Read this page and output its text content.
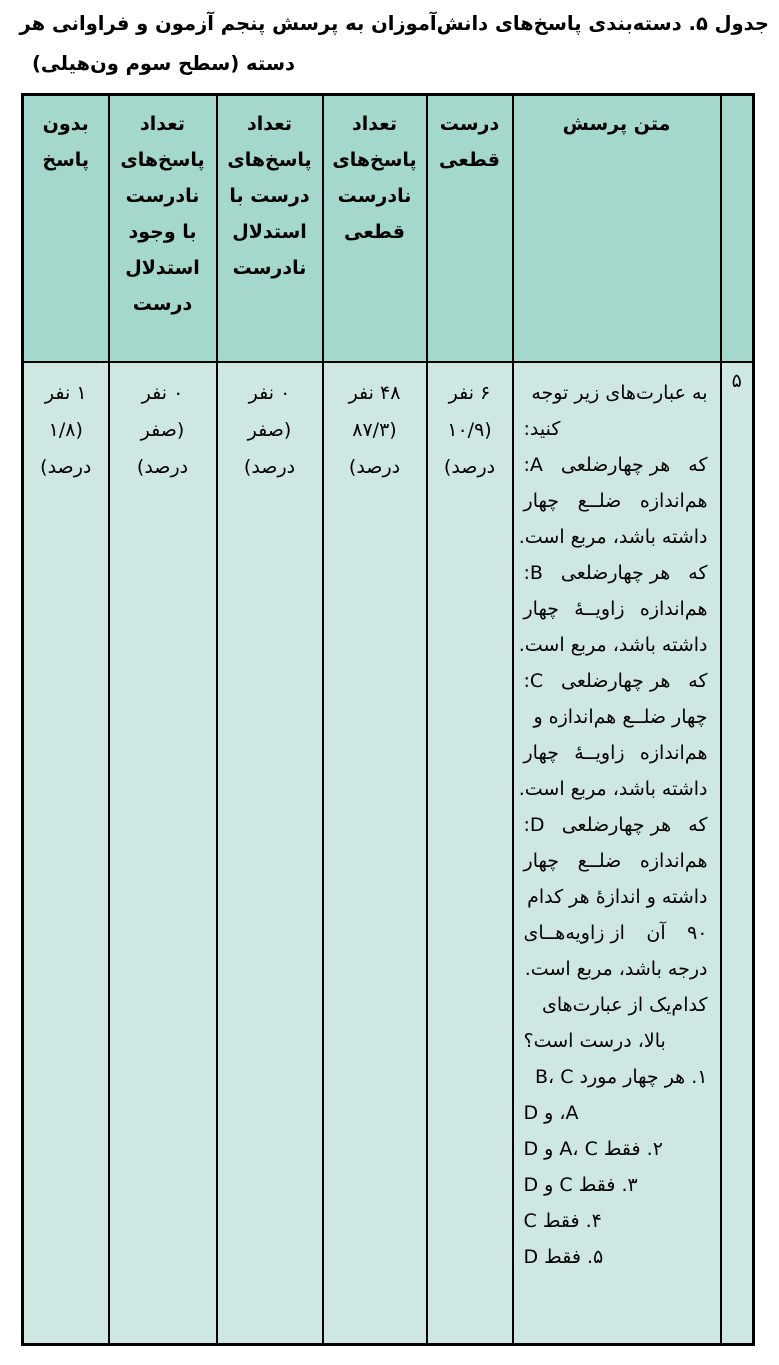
جدول ۵. دسته‌بندی پاسخ‌های دانش‌آموزان به پرسش پنجم آزمون و فراوانی هر
دسته (سطح سوم ون‌هیلی)

متن پرسش

درست
قطعی

تعداد
پاسخ‌های
نادرست
قطعی

تعداد
پاسخ‌های
درست با
استدلال
نادرست

تعداد
پاسخ‌های
نادرست
با وجود
استدلال
درست

بدون
پاسخ

۵	
به عبارت‌های زیر توجه
کنید:
که
هر چهارضلعی
A:
هم‌اندازه
ضلــع
چهار
داشته باشد، مربع است.
که
هر چهارضلعی
B:
هم‌اندازه
زاویــهٔ
چهار
داشته باشد، مربع است.
که
هر چهارضلعی
C:
چهار ضلــع هم‌اندازه و
هم‌اندازه
زاویــهٔ
چهار
داشته باشد، مربع است.
که
هر چهارضلعی
D:
هم‌اندازه
ضلــع
چهار
داشته و اندازهٔ هر کدام
۹۰
آن
از زاویه‌هــای
درجه باشد، مربع است.
کدام‌یک از عبارت‌های
بالا، درست است؟
۱. هر چهار مورد B، C
A، و D
۲. فقط A، C و D
۳. فقط C و D
۴. فقط C
۵. فقط D

۶ نفر
(۱۰/۹
درصد)

۴۸ نفر
(۸۷/۳
درصد)

۰ نفر
(صفر
درصد)

۰ نفر
(صفر
درصد)

۱ نفر
(۱/۸
درصد)
